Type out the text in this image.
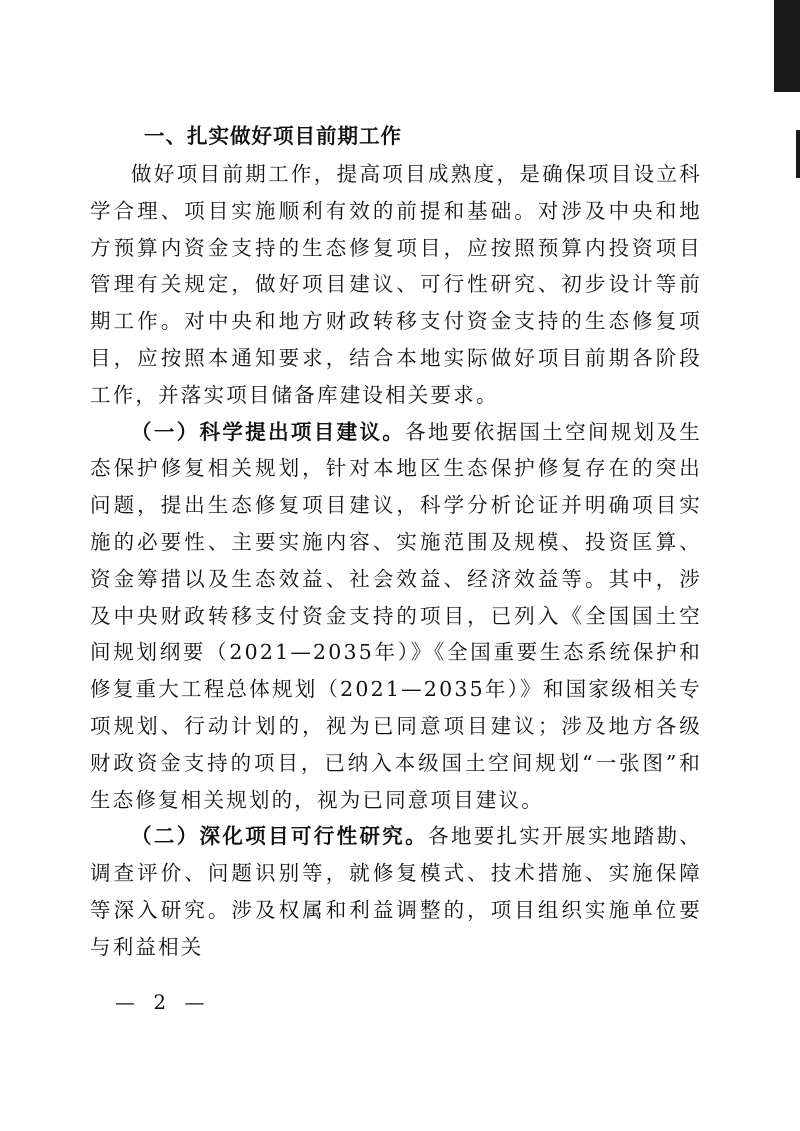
一、扎实做好项目前期工作

做好项目前期工作，提高项目成熟度，是确保项目设立科学合理、项目实施顺利有效的前提和基础。对涉及中央和地方预算内资金支持的生态修复项目，应按照预算内投资项目管理有关规定，做好项目建议、可行性研究、初步设计等前期工作。对中央和地方财政转移支付资金支持的生态修复项目，应按照本通知要求，结合本地实际做好项目前期各阶段工作，并落实项目储备库建设相关要求。

（一）科学提出项目建议。各地要依据国土空间规划及生态保护修复相关规划，针对本地区生态保护修复存在的突出问题，提出生态修复项目建议，科学分析论证并明确项目实施的必要性、主要实施内容、实施范围及规模、投资匡算、资金筹措以及生态效益、社会效益、经济效益等。其中，涉及中央财政转移支付资金支持的项目，已列入《全国国土空间规划纲要（2021—2035年）》《全国重要生态系统保护和修复重大工程总体规划（2021—2035年）》和国家级相关专项规划、行动计划的，视为已同意项目建议；涉及地方各级财政资金支持的项目，已纳入本级国土空间规划“一张图”和生态修复相关规划的，视为已同意项目建议。

（二）深化项目可行性研究。各地要扎实开展实地踏勘、调查评价、问题识别等，就修复模式、技术措施、实施保障等深入研究。涉及权属和利益调整的，项目组织实施单位要与利益相关

— 2 —
